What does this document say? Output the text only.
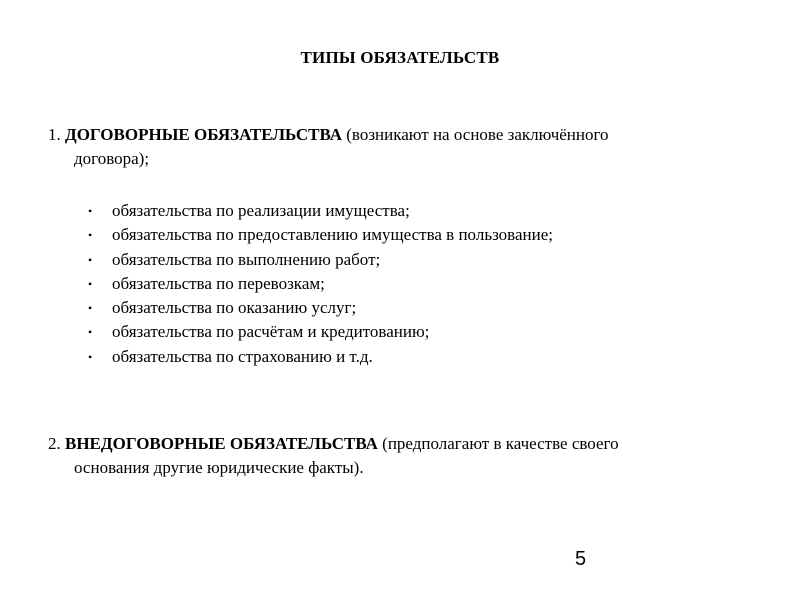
ТИПЫ ОБЯЗАТЕЛЬСТВ
1. ДОГОВОРНЫЕ ОБЯЗАТЕЛЬСТВА (возникают на основе заключённого
договора);
• обязательства по реализации имущества;
• обязательства по предоставлению имущества в пользование;
• обязательства по выполнению работ;
• обязательства по перевозкам;
• обязательства по оказанию услуг;
• обязательства по расчётам и кредитованию;
• обязательства по страхованию и т.д.
2. ВНЕДОГОВОРНЫЕ ОБЯЗАТЕЛЬСТВА (предполагают в качестве своего
основания другие юридические факты).
5
